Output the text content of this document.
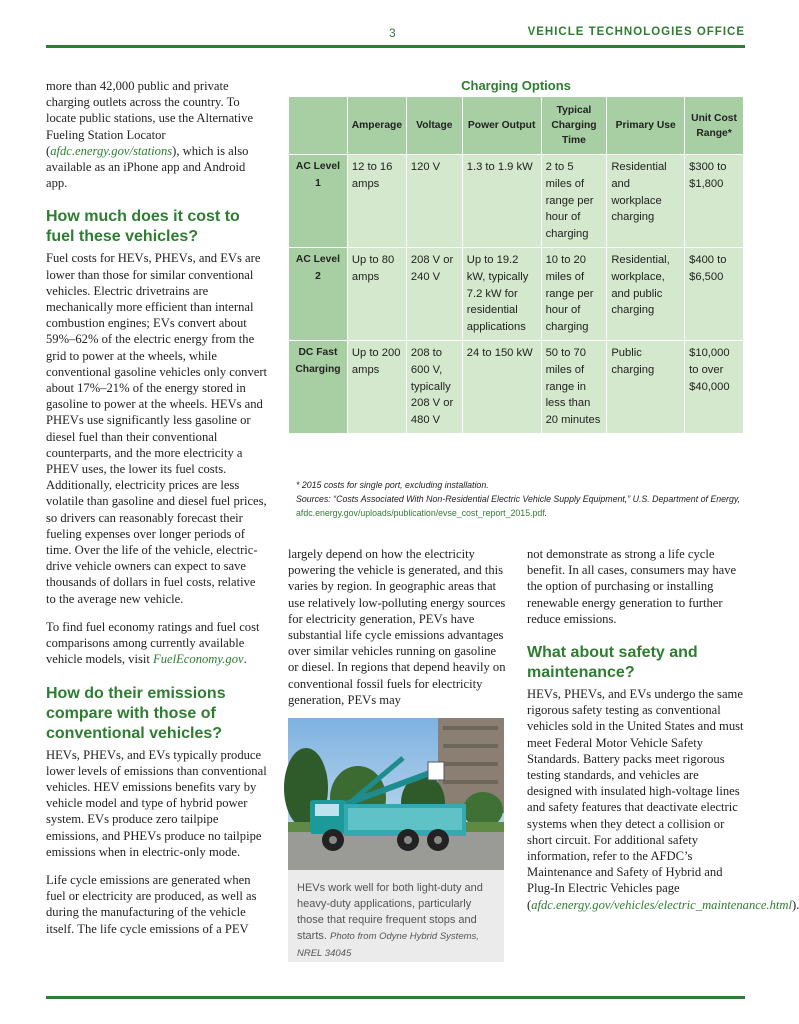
3	VEHICLE TECHNOLOGIES OFFICE

more than 42,000 public and private charging outlets across the country. To locate public stations, use the Alternative Fueling Station Locator (afdc.energy.gov/stations), which is also available as an iPhone app and Android app.

How much does it cost to fuel these vehicles?

Fuel costs for HEVs, PHEVs, and EVs are lower than those for similar conventional vehicles. Electric drivetrains are mechanically more efficient than internal combustion engines; EVs convert about 59%–62% of the electric energy from the grid to power at the wheels, while conventional gasoline vehicles only convert about 17%–21% of the energy stored in gasoline to power at the wheels. HEVs and PHEVs use significantly less gasoline or diesel fuel than their conventional counterparts, and the more electricity a PHEV uses, the lower its fuel costs. Additionally, electricity prices are less volatile than gasoline and diesel fuel prices, so drivers can reasonably forecast their fueling expenses over longer periods of time. Over the life of the vehicle, electric-drive vehicle owners can expect to save thousands of dollars in fuel costs, relative to the average new vehicle.

To find fuel economy ratings and fuel cost comparisons among currently available vehicle models, visit FuelEconomy.gov.

How do their emissions compare with those of conventional vehicles?

HEVs, PHEVs, and EVs typically produce lower levels of emissions than conventional vehicles. HEV emissions benefits vary by vehicle model and type of hybrid power system. EVs produce zero tailpipe emissions, and PHEVs produce no tailpipe emissions when in electric-only mode.

Life cycle emissions are generated when fuel or electricity are produced, as well as during the manufacturing of the vehicle itself. The life cycle emissions of a PEV

Charging Options
	Amperage	Voltage	Power Output	Typical Charging Time	Primary Use	Unit Cost Range*
AC Level 1	12 to 16 amps	120 V	1.3 to 1.9 kW	2 to 5 miles of range per hour of charging	Residential and workplace charging	$300 to $1,800
AC Level 2	Up to 80 amps	208 V or 240 V	Up to 19.2 kW, typically 7.2 kW for residential applications	10 to 20 miles of range per hour of charging	Residential, workplace, and public charging	$400 to $6,500
DC Fast Charging	Up to 200 amps	208 to 600 V, typically 208 V or 480 V	24 to 150 kW	50 to 70 miles of range in less than 20 minutes	Public charging	$10,000 to over $40,000
* 2015 costs for single port, excluding installation.
Sources: “Costs Associated With Non-Residential Electric Vehicle Supply Equipment,” U.S. Department of Energy, afdc.energy.gov/uploads/publication/evse_cost_report_2015.pdf.

largely depend on how the electricity powering the vehicle is generated, and this varies by region. In geographic areas that use relatively low-polluting energy sources for electricity generation, PEVs have substantial life cycle emissions advantages over similar vehicles running on gasoline or diesel. In regions that depend heavily on conventional fossil fuels for electricity generation, PEVs may

HEVs work well for both light-duty and heavy-duty applications, particularly those that require frequent stops and starts. Photo from Odyne Hybrid Systems, NREL 34045

not demonstrate as strong a life cycle benefit. In all cases, consumers may have the option of purchasing or installing renewable energy generation to further reduce emissions.

What about safety and maintenance?

HEVs, PHEVs, and EVs undergo the same rigorous safety testing as conventional vehicles sold in the United States and must meet Federal Motor Vehicle Safety Standards. Battery packs meet rigorous testing standards, and vehicles are designed with insulated high-voltage lines and safety features that deactivate electric systems when they detect a collision or short circuit. For additional safety information, refer to the AFDC’s Maintenance and Safety of Hybrid and Plug-In Electric Vehicles page (afdc.energy.gov/vehicles/electric_maintenance.html).
